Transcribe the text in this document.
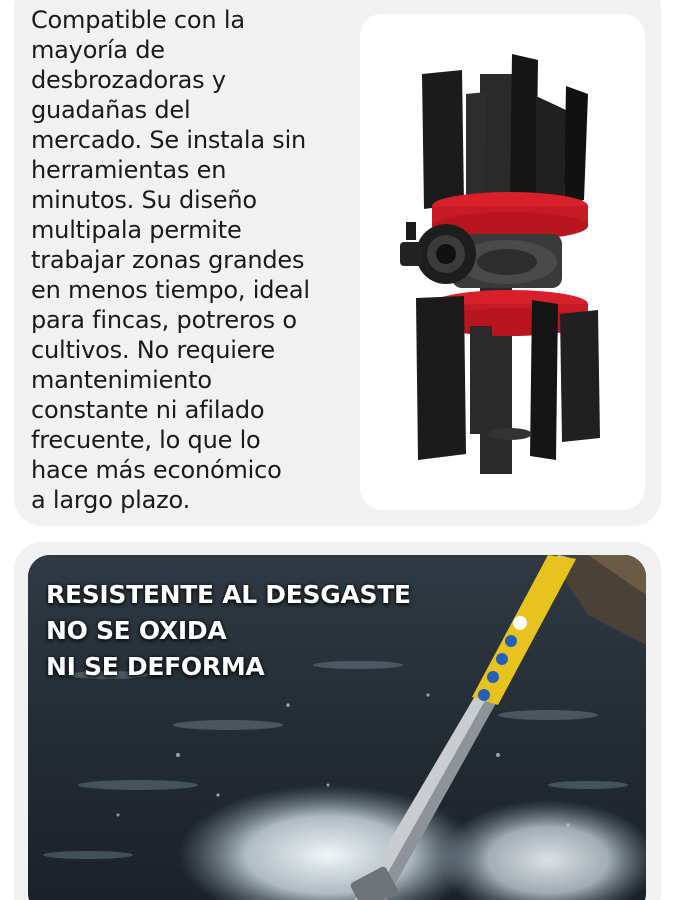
Compatible con la
mayoría de
desbrozadoras y
guadañas del
mercado. Se instala sin
herramientas en
minutos. Su diseño
multipala permite
trabajar zonas grandes
en menos tiempo, ideal
para fincas, potreros o
cultivos. No requiere
mantenimiento
constante ni afilado
frecuente, lo que lo
hace más económico
a largo plazo.

RESISTENTE AL DESGASTE
NO SE OXIDA
NI SE DEFORMA
